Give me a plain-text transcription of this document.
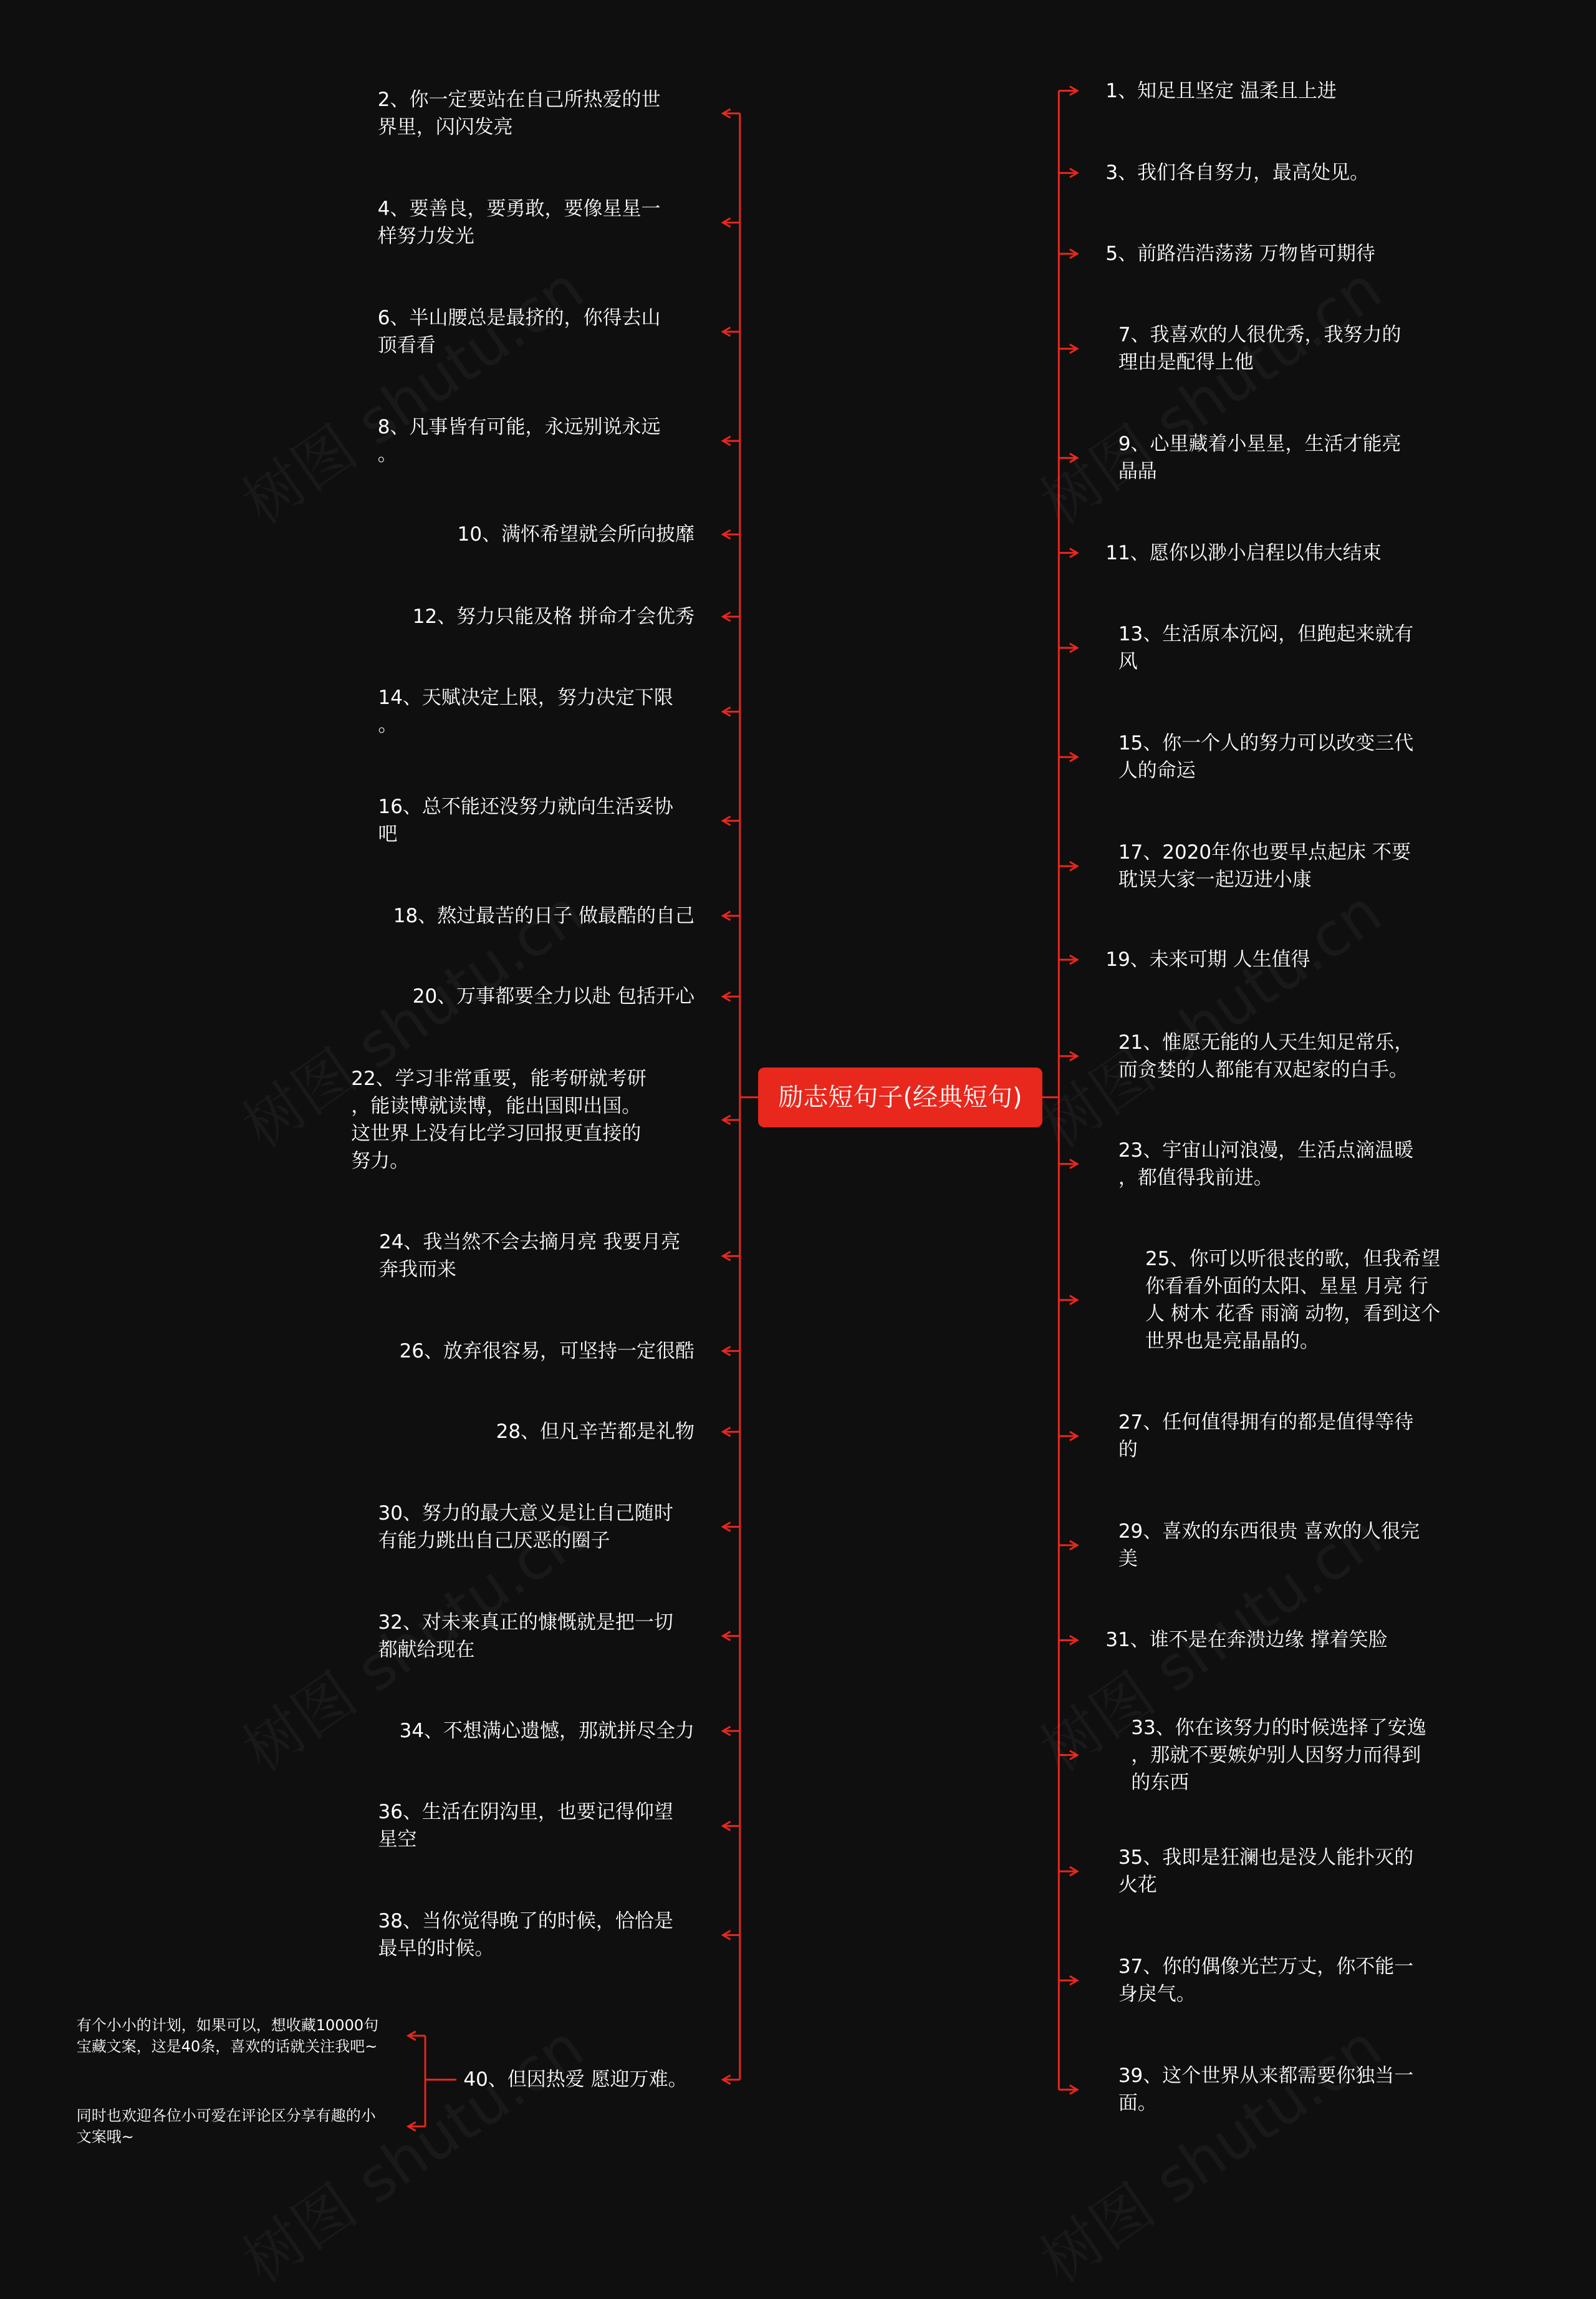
励志短句子(经典短句)
2、你一定要站在自己所热爱的世
界里，闪闪发亮
4、要善良，要勇敢，要像星星一
样努力发光
6、半山腰总是最挤的，你得去山
顶看看
8、凡事皆有可能，永远别说永远
。
10、满怀希望就会所向披靡
12、努力只能及格 拼命才会优秀
14、天赋决定上限，努力决定下限
。
16、总不能还没努力就向生活妥协
吧
18、熬过最苦的日子 做最酷的自己
20、万事都要全力以赴 包括开心
22、学习非常重要，能考研就考研
，能读博就读博，能出国即出国。
这世界上没有比学习回报更直接的
努力。
24、我当然不会去摘月亮 我要月亮
奔我而来
26、放弃很容易，可坚持一定很酷
28、但凡辛苦都是礼物
30、努力的最大意义是让自己随时
有能力跳出自己厌恶的圈子
32、对未来真正的慷慨就是把一切
都献给现在
34、不想满心遗憾，那就拼尽全力
36、生活在阴沟里，也要记得仰望
星空
38、当你觉得晚了的时候，恰恰是
最早的时候。
40、但因热爱 愿迎万难。
1、知足且坚定 温柔且上进
3、我们各自努力，最高处见。
5、前路浩浩荡荡 万物皆可期待
7、我喜欢的人很优秀，我努力的
理由是配得上他
9、心里藏着小星星，生活才能亮
晶晶
11、愿你以渺小启程以伟大结束
13、生活原本沉闷，但跑起来就有
风
15、你一个人的努力可以改变三代
人的命运
17、2020年你也要早点起床 不要
耽误大家一起迈进小康
19、未来可期 人生值得
21、惟愿无能的人天生知足常乐，
而贪婪的人都能有双起家的白手。
23、宇宙山河浪漫，生活点滴温暖
，都值得我前进。
25、你可以听很丧的歌，但我希望
你看看外面的太阳、星星 月亮 行
人 树木 花香 雨滴 动物，看到这个
世界也是亮晶晶的。
27、任何值得拥有的都是值得等待
的
29、喜欢的东西很贵 喜欢的人很完
美
31、谁不是在奔溃边缘 撑着笑脸
33、你在该努力的时候选择了安逸
，那就不要嫉妒别人因努力而得到
的东西
35、我即是狂澜也是没人能扑灭的
火花
37、你的偶像光芒万丈，你不能一
身戾气。
39、这个世界从来都需要你独当一
面。
有个小小的计划，如果可以，想收藏10000句
宝藏文案，这是40条，喜欢的话就关注我吧~
同时也欢迎各位小可爱在评论区分享有趣的小
文案哦~
